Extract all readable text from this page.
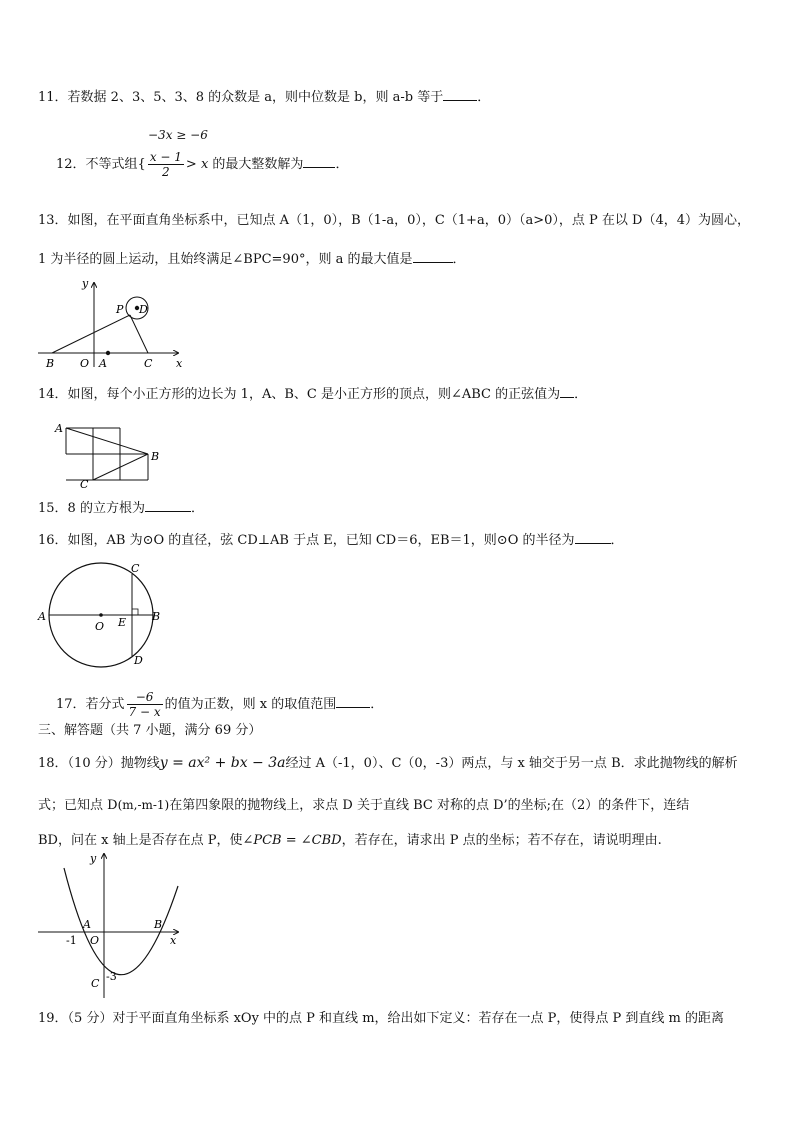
11．若数据 2、3、5、3、8 的众数是 a，则中位数是 b，则 a-b 等于	．
−3x ≥ −6
12．不等式组{ $\frac{x - 1}{2} > x$ 的最大整数解为 ．
13．如图，在平面直角坐标系中，已知点 A（1，0），B（1-a，0），C（1+a，0）（a>0），点 P 在以 D（4，4）为圆心，
1 为半径的圆上运动，且始终满足∠BPC=90°，则 a 的最大值是	．
y
x
P D
B O A	C
14．如图，每个小正方形的边长为 1，A、B、C 是小正方形的顶点，则∠ABC 的正弦值为 ．
A
B
C
15．8 的立方根为	．
16．如图，AB 为⊙O 的直径，弦 CD⊥AB 于点 E，已知 CD＝6，EB＝1，则⊙O 的半径为	．
A	B
C
D
O E
17．若分式 $\frac{-6}{7 - x}$ 的值为正数，则 x 的取值范围	．
三、解答题（共 7 小题，满分 69 分）
18．（10 分）抛物线y = ax² + bx − 3a经过 A（-1，0）、C（0，-3）两点，与 x 轴交于另一点 B．求此抛物线的解析
式；已知点 D(m,-m-1)在第四象限的抛物线上，求点 D 关于直线 BC 对称的点 D’的坐标;在（2）的条件下，连结
BD，问在 x 轴上是否存在点 P，使∠PCB = ∠CBD，若存在，请求出 P 点的坐标；若不存在，请说明理由.
y
x
A	B
O
-1
C
-3
19．（5 分）对于平面直角坐标系 xOy 中的点 P 和直线 m，给出如下定义：若存在一点 P，使得点 P 到直线 m 的距离
